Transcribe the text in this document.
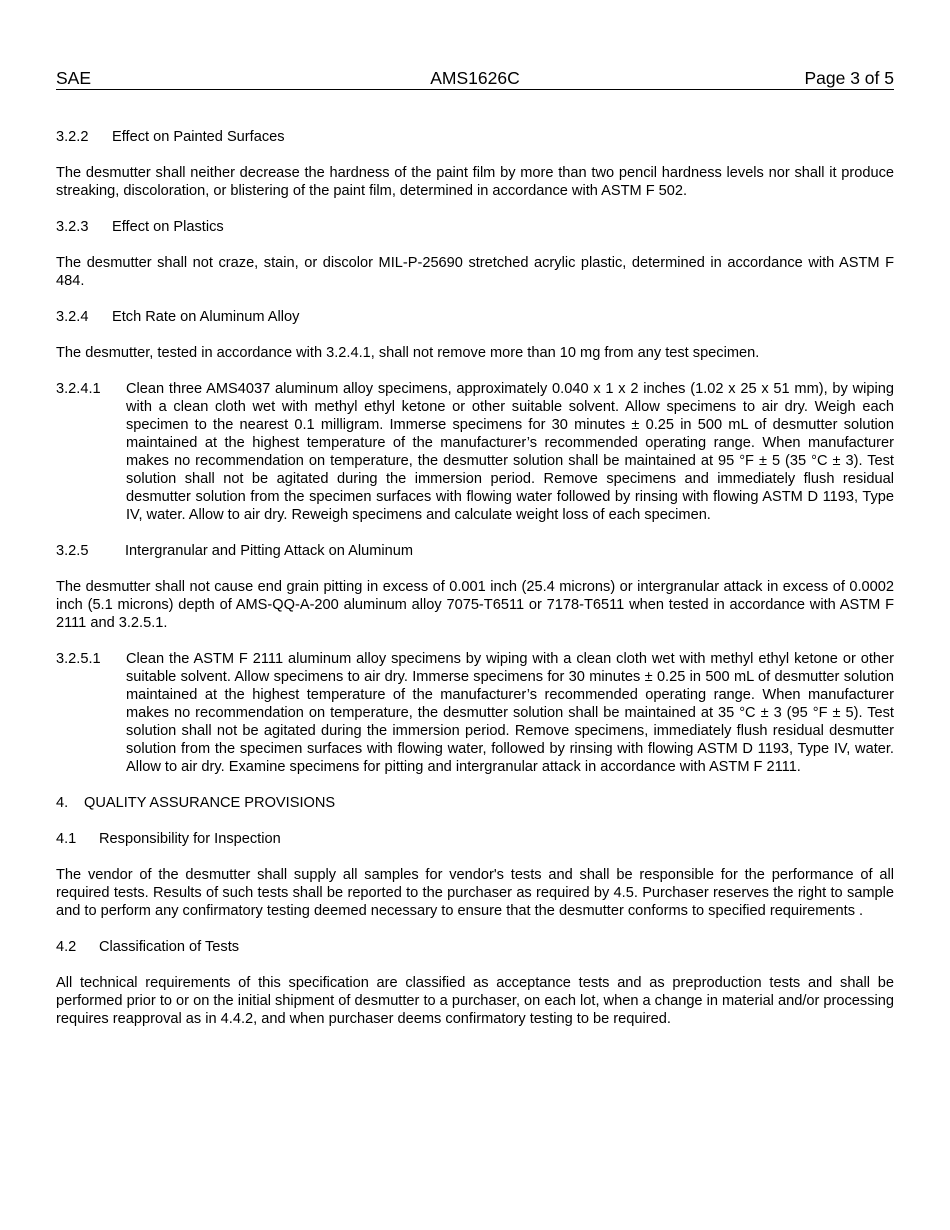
SAE	AMS1626C	Page 3 of 5
3.2.2 Effect on Painted Surfaces

The desmutter shall neither decrease the hardness of the paint film by more than two pencil hardness levels nor shall it produce streaking, discoloration, or blistering of the paint film, determined in accordance with ASTM F 502.

3.2.3 Effect on Plastics

The desmutter shall not craze, stain, or discolor MIL-P-25690 stretched acrylic plastic, determined in accordance with ASTM F 484.

3.2.4 Etch Rate on Aluminum Alloy

The desmutter, tested in accordance with 3.2.4.1, shall not remove more than 10 mg from any test specimen.

3.2.4.1	Clean three AMS4037 aluminum alloy specimens, approximately 0.040 x 1 x 2 inches (1.02 x 25 x 51 mm), by wiping with a clean cloth wet with methyl ethyl ketone or other suitable solvent. Allow specimens to air dry. Weigh each specimen to the nearest 0.1 milligram. Immerse specimens for 30 minutes ± 0.25 in 500 mL of desmutter solution maintained at the highest temperature of the manufacturer’s recommended operating range. When manufacturer makes no recommendation on temperature, the desmutter solution shall be maintained at 95 °F ± 5 (35 °C ± 3). Test solution shall not be agitated during the immersion period. Remove specimens and immediately flush residual desmutter solution from the specimen surfaces with flowing water followed by rinsing with flowing ASTM D 1193, Type IV, water. Allow to air dry. Reweigh specimens and calculate weight loss of each specimen.
3.2.5	Intergranular and Pitting Attack on Aluminum

The desmutter shall not cause end grain pitting in excess of 0.001 inch (25.4 microns) or intergranular attack in excess of 0.0002 inch (5.1 microns) depth of AMS-QQ-A-200 aluminum alloy 7075-T6511 or 7178-T6511 when tested in accordance with ASTM F 2111 and 3.2.5.1.

3.2.5.1	Clean the ASTM F 2111 aluminum alloy specimens by wiping with a clean cloth wet with methyl ethyl ketone or other suitable solvent. Allow specimens to air dry. Immerse specimens for 30 minutes ± 0.25 in 500 mL of desmutter solution maintained at the highest temperature of the manufacturer’s recommended operating range. When manufacturer makes no recommendation on temperature, the desmutter solution shall be maintained at 35 °C ± 3 (95 °F ± 5). Test solution shall not be agitated during the immersion period. Remove specimens, immediately flush residual desmutter solution from the specimen surfaces with flowing water, followed by rinsing with flowing ASTM D 1193, Type IV, water. Allow to air dry. Examine specimens for pitting and intergranular attack in accordance with ASTM F 2111.
4. QUALITY ASSURANCE PROVISIONS
4.1 Responsibility for Inspection

The vendor of the desmutter shall supply all samples for vendor's tests and shall be responsible for the performance of all required tests. Results of such tests shall be reported to the purchaser as required by 4.5. Purchaser reserves the right to sample and to perform any confirmatory testing deemed necessary to ensure that the desmutter conforms to specified requirements .

4.2 Classification of Tests

All technical requirements of this specification are classified as acceptance tests and as preproduction tests and shall be performed prior to or on the initial shipment of desmutter to a purchaser, on each lot, when a change in material and/or processing requires reapproval as in 4.4.2, and when purchaser deems confirmatory testing to be required.
